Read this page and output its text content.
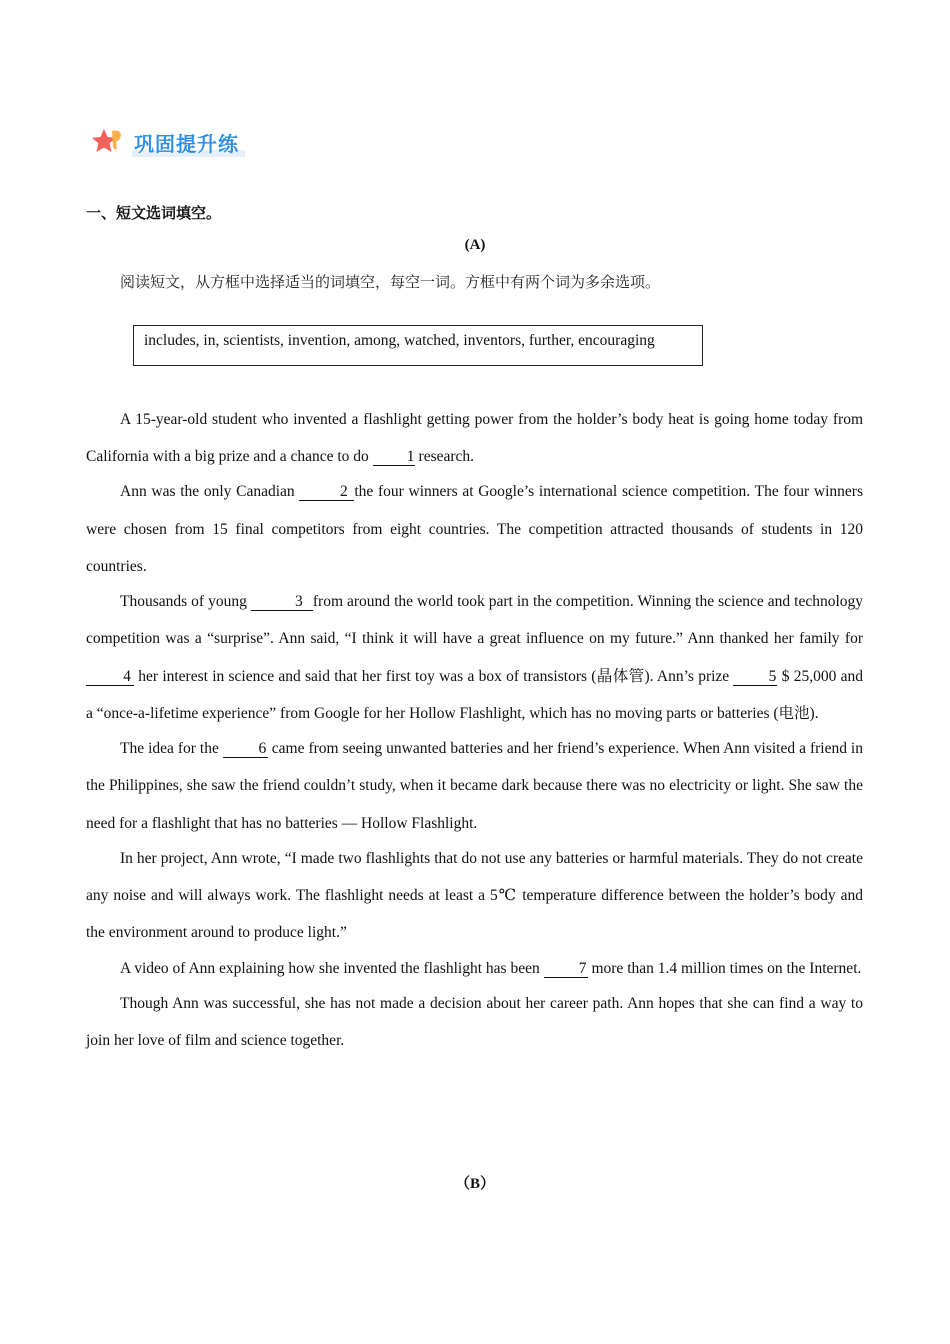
巩固提升练
一、短文选词填空。
(A)
阅读短文，从方框中选择适当的词填空，每空一词。方框中有两个词为多余选项。
includes, in, scientists, invention, among, watched, inventors, further, encouraging

A 15-year-old student who invented a flashlight getting power from the holder’s body heat is going home today from California with a big prize and a chance to do 1 research.

Ann was the only Canadian	2 the four winners at Google’s international science competition. The four winners were chosen from 15 final competitors from eight countries. The competition attracted thousands of students in 120 countries.

Thousands of young	3 from around the world took part in the competition. Winning the science and technology competition was a “surprise”. Ann said, “I think it will have a great influence on my future.” Ann thanked her family for 4 her interest in science and said that her first toy was a box of transistors (晶体管). Ann’s prize 5 $ 25,000 and a “once-a-lifetime experience” from Google for her Hollow Flashlight, which has no moving parts or batteries (电池).

The idea for the 6 came from seeing unwanted batteries and her friend’s experience. When Ann visited a friend in the Philippines, she saw the friend couldn’t study, when it became dark because there was no electricity or light. She saw the need for a flashlight that has no batteries — Hollow Flashlight.

In her project, Ann wrote, “I made two flashlights that do not use any batteries or harmful materials. They do not create any noise and will always work. The flashlight needs at least a 5℃ temperature difference between the holder’s body and the environment around to produce light.”

A video of Ann explaining how she invented the flashlight has been 7 more than 1.4 million times on the Internet.

Though Ann was successful, she has not made a decision about her career path. Ann hopes that she can find a way to join her love of film and science together.

（B）
